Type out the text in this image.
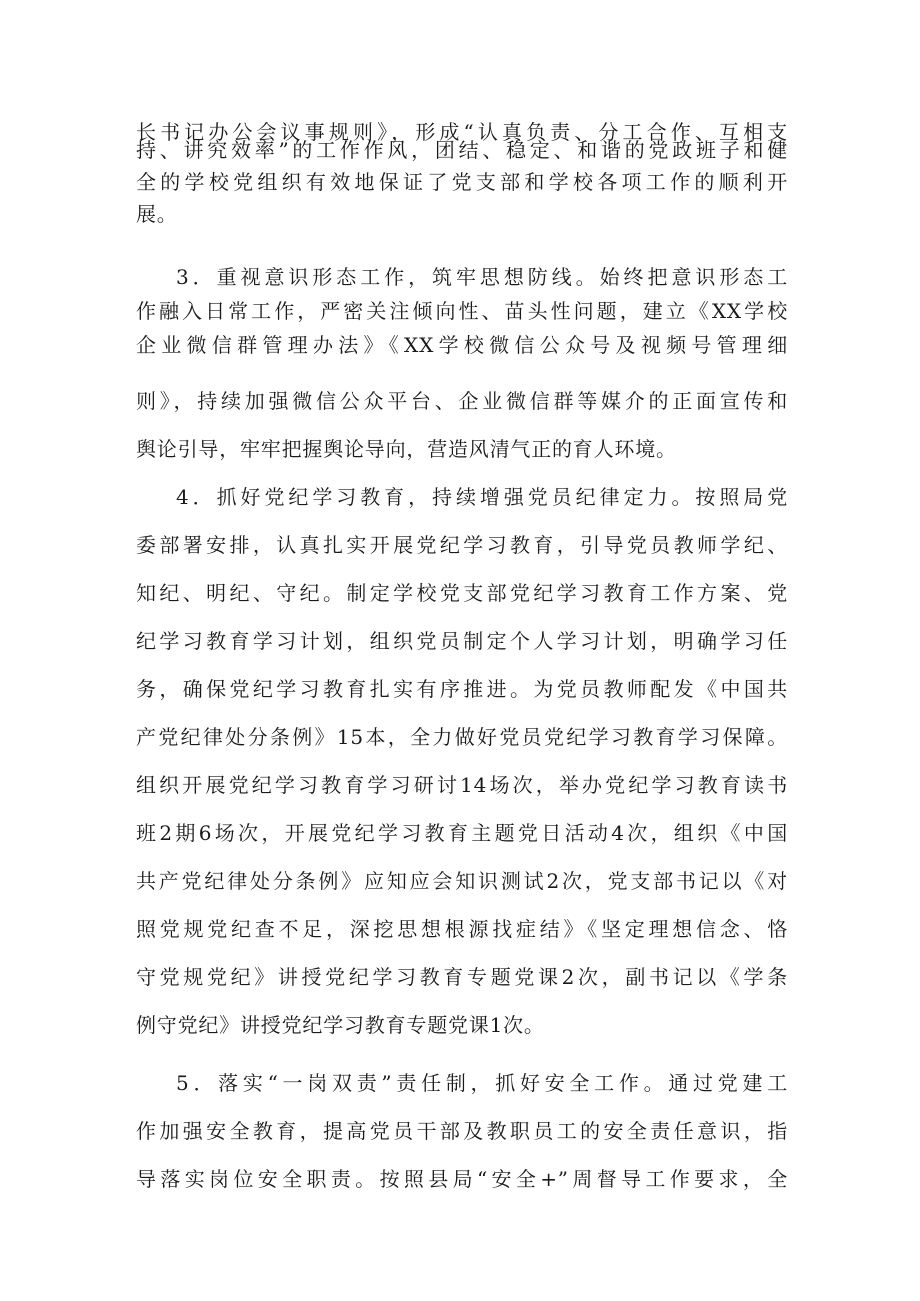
长书记办公会议事规则》，形成“认真负责、分工合作、互相支
持、讲究效率”的工作作风，团结、稳定、和谐的党政班子和健
全的学校党组织有效地保证了党支部和学校各项工作的顺利开
展。
3．重视意识形态工作，筑牢思想防线。始终把意识形态工
作融入日常工作，严密关注倾向性、苗头性问题，建立《XX学校
企业微信群管理办法》《XX学校微信公众号及视频号管理细
则》，持续加强微信公众平台、企业微信群等媒介的正面宣传和
舆论引导，牢牢把握舆论导向，营造风清气正的育人环境。
4．抓好党纪学习教育，持续增强党员纪律定力。按照局党
委部署安排，认真扎实开展党纪学习教育，引导党员教师学纪、
知纪、明纪、守纪。制定学校党支部党纪学习教育工作方案、党
纪学习教育学习计划，组织党员制定个人学习计划，明确学习任
务，确保党纪学习教育扎实有序推进。为党员教师配发《中国共
产党纪律处分条例》15本，全力做好党员党纪学习教育学习保障。
组织开展党纪学习教育学习研讨14场次，举办党纪学习教育读书
班2期6场次，开展党纪学习教育主题党日活动4次，组织《中国
共产党纪律处分条例》应知应会知识测试2次，党支部书记以《对
照党规党纪查不足，深挖思想根源找症结》《坚定理想信念、恪
守党规党纪》讲授党纪学习教育专题党课2次，副书记以《学条
例守党纪》讲授党纪学习教育专题党课1次。
5．落实“一岗双责”责任制，抓好安全工作。通过党建工
作加强安全教育，提高党员干部及教职员工的安全责任意识，指
导落实岗位安全职责。按照县局“安全+”周督导工作要求，全
